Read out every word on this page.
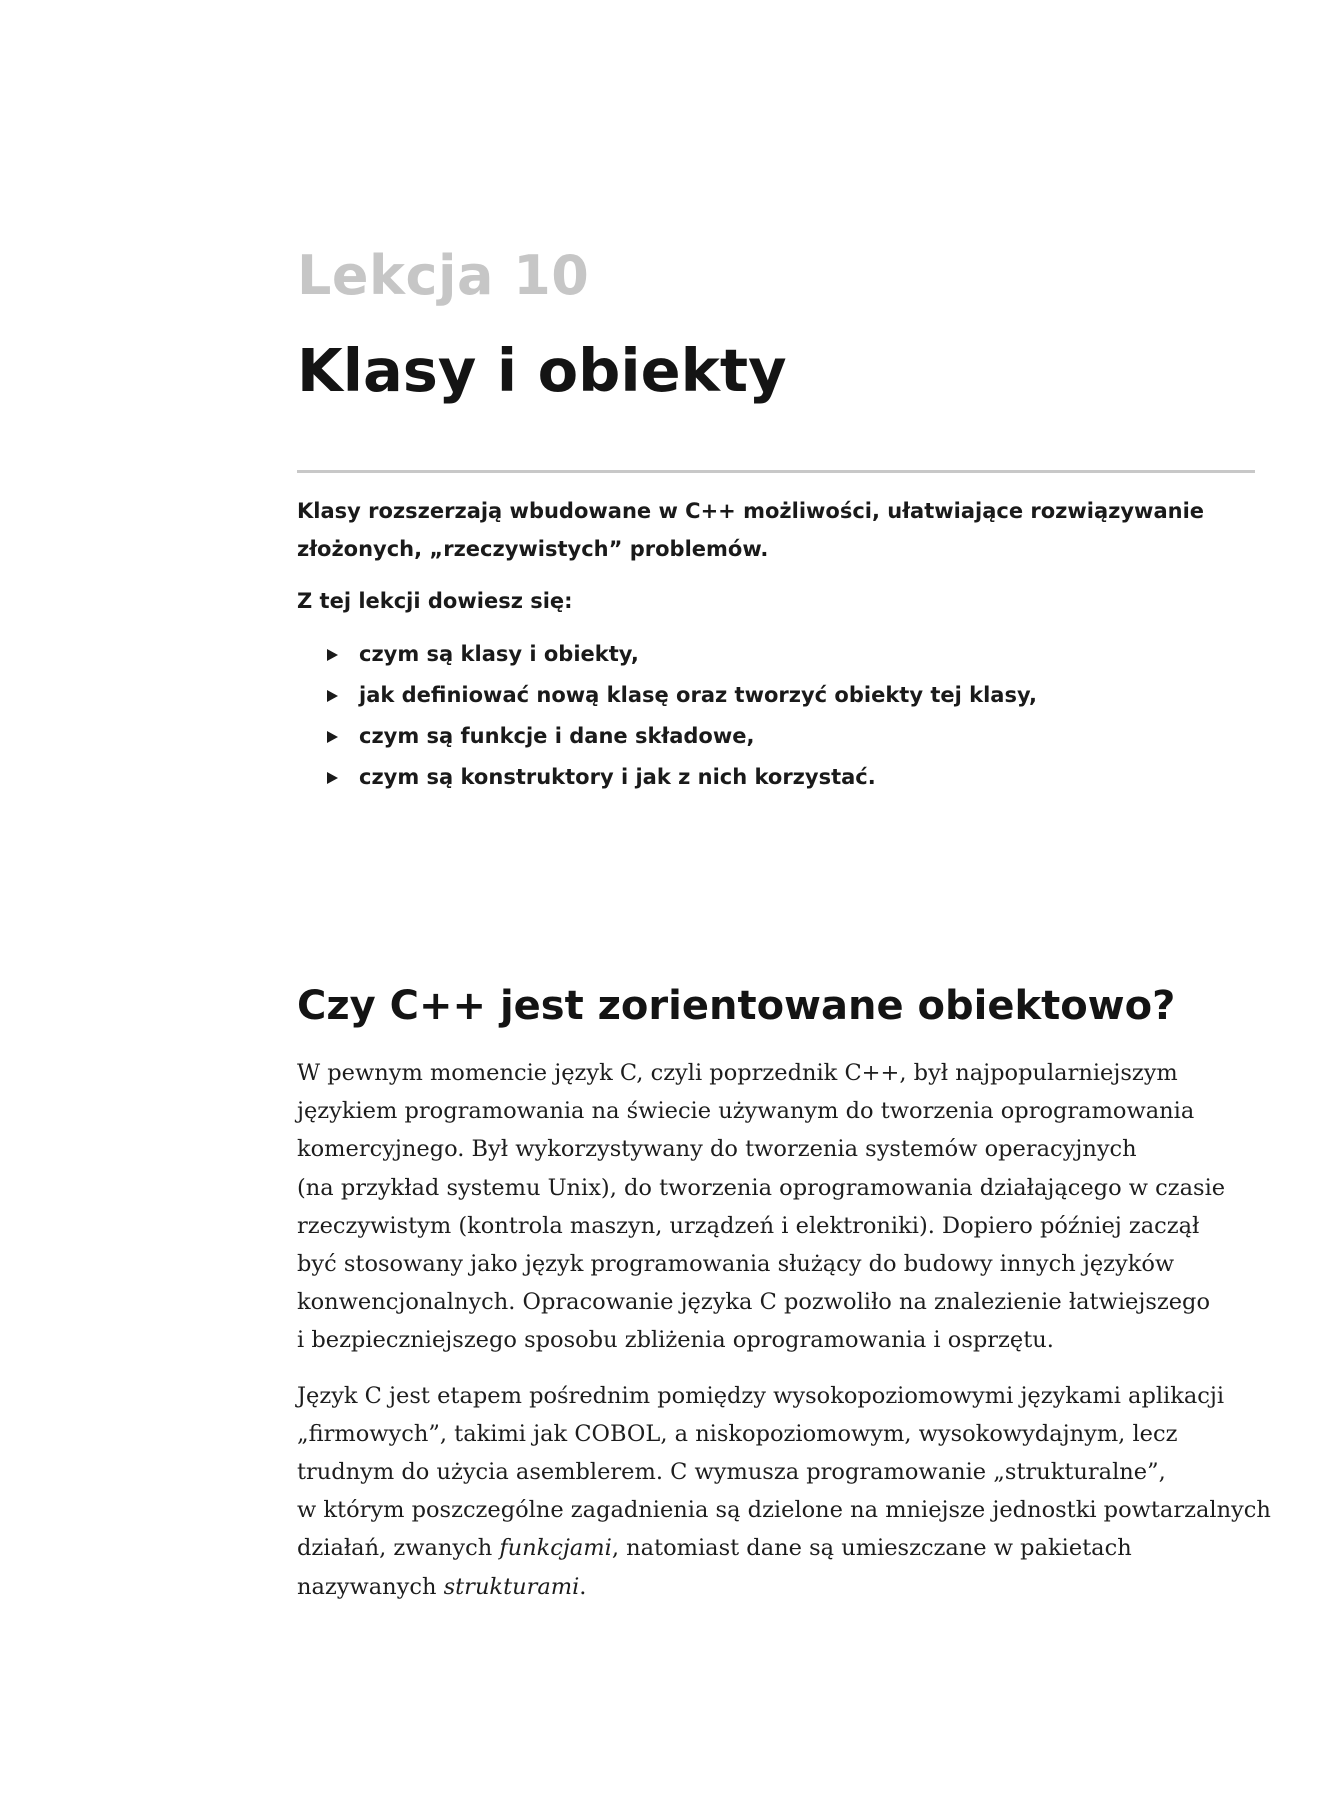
Lekcja 10
Klasy i obiekty

Klasy rozszerzają wbudowane w C++ możliwości, ułatwiające rozwiązywanie złożonych, „rzeczywistych” problemów.

Z tej lekcji dowiesz się:

czym są klasy i obiekty,
jak definiować nową klasę oraz tworzyć obiekty tej klasy,
czym są funkcje i dane składowe,
czym są konstruktory i jak z nich korzystać.
Czy C++ jest zorientowane obiektowo?

W pewnym momencie język C, czyli poprzednik C++, był najpopularniejszym
językiem programowania na świecie używanym do tworzenia oprogramowania
komercyjnego. Był wykorzystywany do tworzenia systemów operacyjnych
(na przykład systemu Unix), do tworzenia oprogramowania działającego w czasie
rzeczywistym (kontrola maszyn, urządzeń i elektroniki). Dopiero później zaczął
być stosowany jako język programowania służący do budowy innych języków
konwencjonalnych. Opracowanie języka C pozwoliło na znalezienie łatwiejszego
i bezpieczniejszego sposobu zbliżenia oprogramowania i osprzętu.

Język C jest etapem pośrednim pomiędzy wysokopoziomowymi językami aplikacji
„firmowych”, takimi jak COBOL, a niskopoziomowym, wysokowydajnym, lecz
trudnym do użycia asemblerem. C wymusza programowanie „strukturalne”,
w którym poszczególne zagadnienia są dzielone na mniejsze jednostki powtarzalnych
działań, zwanych funkcjami, natomiast dane są umieszczane w pakietach
nazywanych strukturami.
